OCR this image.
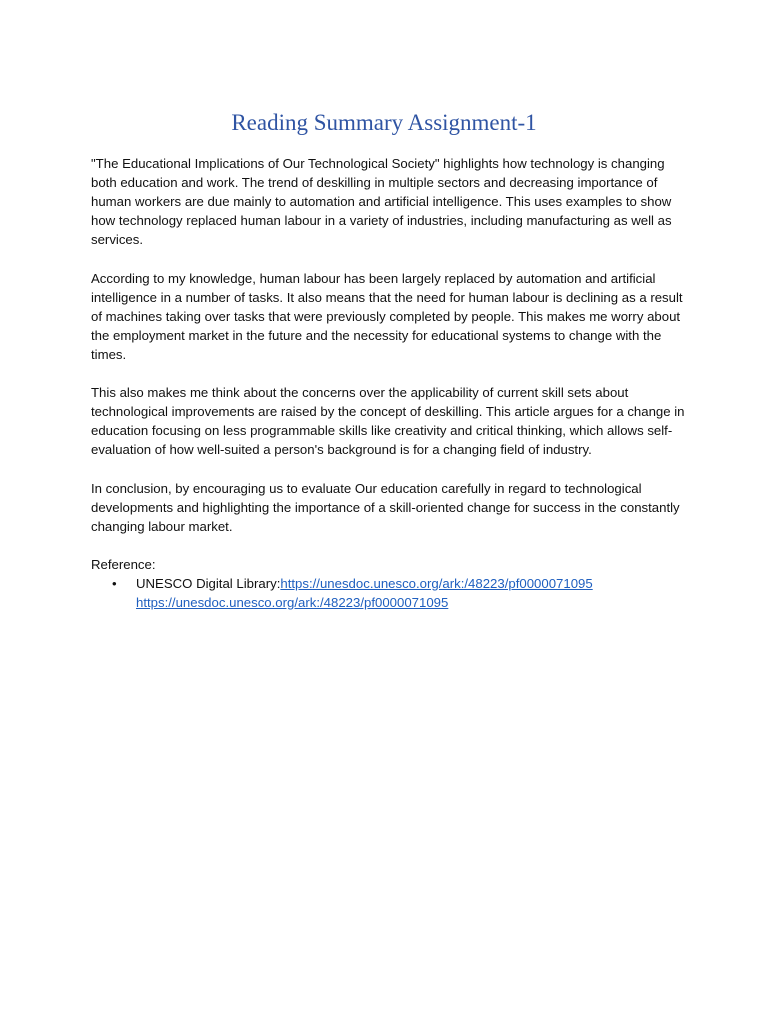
Reading Summary Assignment-1

"The Educational Implications of Our Technological Society" highlights how technology is changing both education and work. The trend of deskilling in multiple sectors and decreasing importance of human workers are due mainly to automation and artificial intelligence. This uses examples to show how technology replaced human labour in a variety of industries, including manufacturing as well as services.

According to my knowledge, human labour has been largely replaced by automation and artificial intelligence in a number of tasks. It also means that the need for human labour is declining as a result of machines taking over tasks that were previously completed by people. This makes me worry about the employment market in the future and the necessity for educational systems to change with the times.

This also makes me think about the concerns over the applicability of current skill sets about technological improvements are raised by the concept of deskilling. This article argues for a change in education focusing on less programmable skills like creativity and critical thinking, which allows self-evaluation of how well-suited a person's background is for a changing field of industry.

In conclusion, by encouraging us to evaluate Our education carefully in regard to technological developments and highlighting the importance of a skill-oriented change for success in the constantly changing labour market.

Reference:

• UNESCO Digital Library:https://unesdoc.unesco.org/ark:/48223/pf0000071095
https://unesdoc.unesco.org/ark:/48223/pf0000071095
